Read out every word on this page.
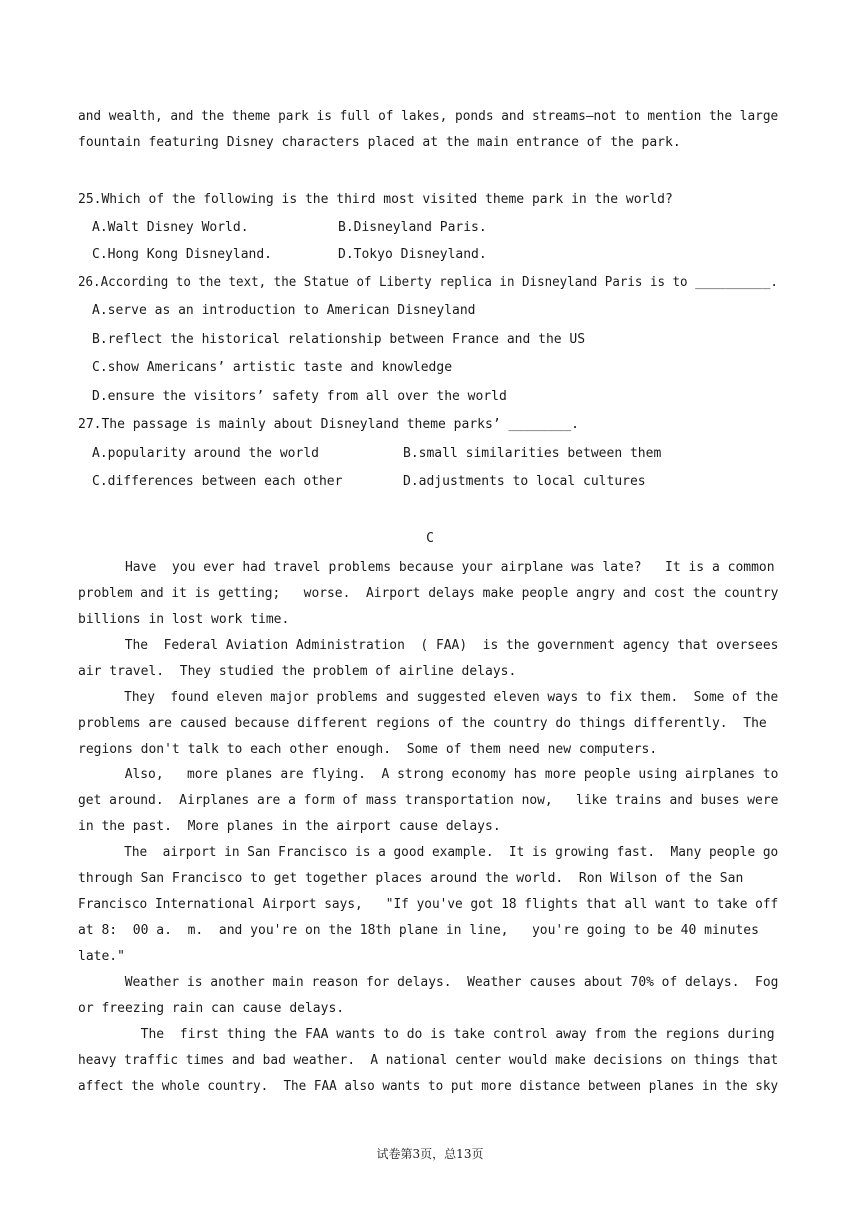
and wealth, and the theme park is full of lakes, ponds and streams—not to mention the large
fountain featuring Disney characters placed at the main entrance of the park.
25.Which of the following is the third most visited theme park in the world?
A.Walt Disney World.	B.Disneyland Paris.
C.Hong Kong Disneyland.	D.Tokyo Disneyland.
26.According to the text, the Statue of Liberty replica in Disneyland Paris is to __________.
A.serve as an introduction to American Disneyland
B.reflect the historical relationship between France and the US
C.show Americans’ artistic taste and knowledge
D.ensure the visitors’ safety from all over the world
27.The passage is mainly about Disneyland theme parks’ ________.
A.popularity around the world	B.small similarities between them
C.differences between each other	D.adjustments to local cultures
C
Have  you ever had travel problems because your airplane was late?   It is a common
problem and it is getting;   worse.  Airport delays make people angry and cost the country
billions in lost work time.
The  Federal Aviation Administration  ( FAA)  is the government agency that oversees
air travel.  They studied the problem of airline delays.
They  found eleven major problems and suggested eleven ways to fix them.  Some of the
problems are caused because different regions of the country do things differently.  The
regions don't talk to each other enough.  Some of them need new computers.
Also,   more planes are flying.  A strong economy has more people using airplanes to
get around.  Airplanes are a form of mass transportation now,   like trains and buses were
in the past.  More planes in the airport cause delays.
The  airport in San Francisco is a good example.  It is growing fast.  Many people go
through San Francisco to get together places around the world.  Ron Wilson of the San
Francisco International Airport says,   "If you've got 18 flights that all want to take off
at 8:  00 a.  m.  and you're on the 18th plane in line,   you're going to be 40 minutes
late."
Weather is another main reason for delays.  Weather causes about 70% of delays.  Fog
or freezing rain can cause delays.
The  first thing the FAA wants to do is take control away from the regions during
heavy traffic times and bad weather.  A national center would make decisions on things that
affect the whole country.  The FAA also wants to put more distance between planes in the sky
试卷第3页，总13页
